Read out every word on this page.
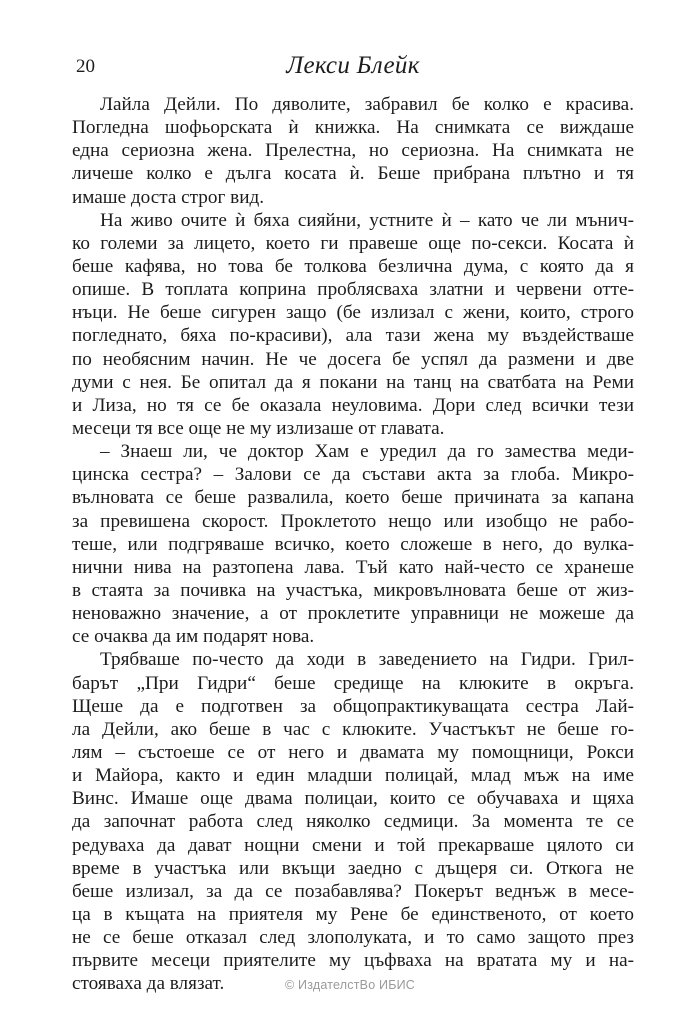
20	Лекси Блейк
Лайла Дейли. По дяволите, забравил бе колко е красива.
Погледна шофьорската ѝ книжка. На снимката се виждаше
една сериозна жена. Прелестна, но сериозна. На снимката не
личеше колко е дълга косата ѝ. Беше прибрана плътно и тя
имаше доста строг вид.
На живо очите ѝ бяха сияйни, устните ѝ – като че ли мънич-
ко големи за лицето, което ги правеше още по-секси. Косата ѝ
беше кафява, но това бе толкова безлична дума, с която да я
опише. В топлата коприна проблясваха златни и червени отте-
нъци. Не беше сигурен защо (бе излизал с жени, които, строго
погледнато, бяха по-красиви), ала тази жена му въздействаше
по необясним начин. Не че досега бе успял да размени и две
думи с нея. Бе опитал да я покани на танц на сватбата на Реми
и Лиза, но тя се бе оказала неуловима. Дори след всички тези
месеци тя все още не му излизаше от главата.
– Знаеш ли, че доктор Хам е уредил да го замества меди-
цинска сестра? – Залови се да състави акта за глоба. Микро-
вълновата се беше развалила, което беше причината за капана
за превишена скорост. Проклетото нещо или изобщо не рабо-
теше, или подгряваше всичко, което сложеше в него, до вулка-
нични нива на разтопена лава. Тъй като най-често се хранеше
в стаята за почивка на участъка, микровълновата беше от жиз-
неноважно значение, а от проклетите управници не можеше да
се очаква да им подарят нова.
Трябваше по-често да ходи в заведението на Гидри. Грил-
барът „При Гидри“ беше средище на клюките в окръга.
Щеше да е подготвен за общопрактикуващата сестра Лай-
ла Дейли, ако беше в час с клюките. Участъкът не беше го-
лям – състоеше се от него и двамата му помощници, Рокси
и Майора, както и един младши полицай, млад мъж на име
Винс. Имаше още двама полицаи, които се обучаваха и щяха
да започнат работа след няколко седмици. За момента те се
редуваха да дават нощни смени и той прекарваше цялото си
време в участъка или вкъщи заедно с дъщеря си. Откога не
беше излизал, за да се позабавлява? Покерът веднъж в месе-
ца в къщата на приятеля му Рене бе единственото, от което
не се беше отказал след злополуката, и то само защото през
първите месеци приятелите му цъфваха на вратата му и на-
стояваха да влязат.	© ИздателстВо ИБИС
